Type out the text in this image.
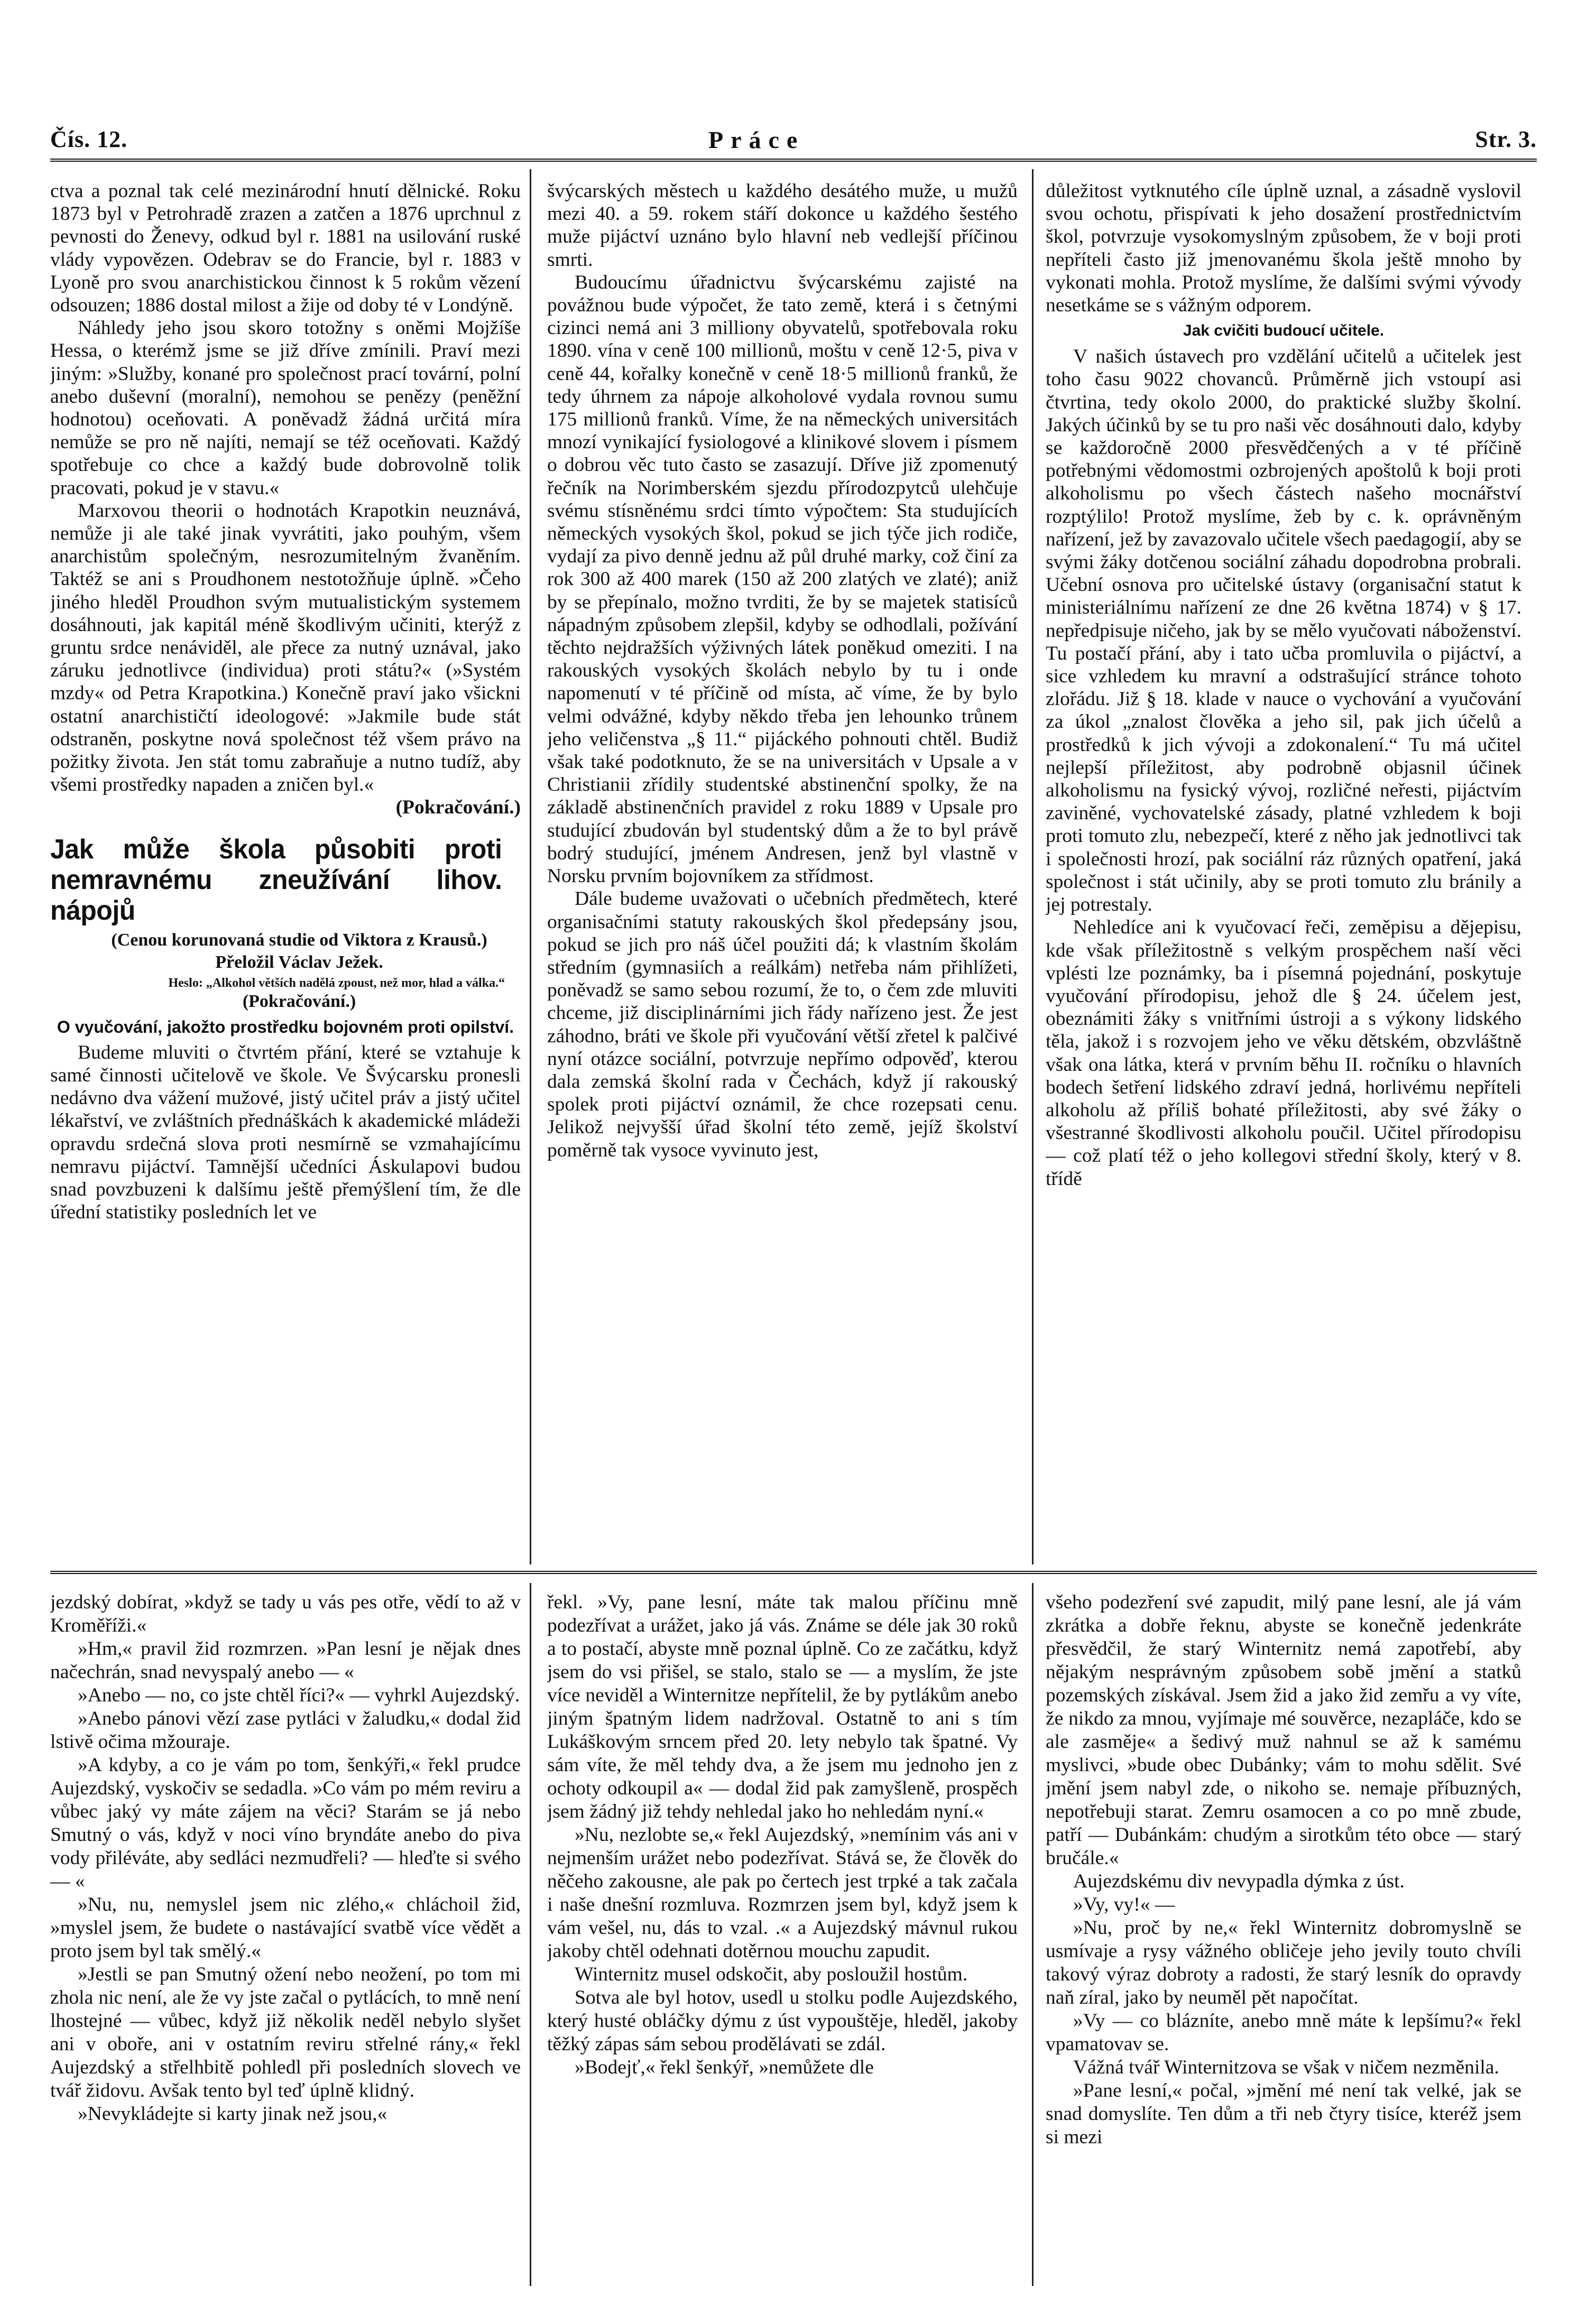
Čís. 12.	Práce	Str. 3.

ctva a poznal tak celé mezinárodní hnutí dělnické. Roku 1873 byl v Petrohradě zrazen a zatčen a 1876 uprchnul z pevnosti do Ženevy, odkud byl r. 1881 na usilování ruské vlády vypovězen. Odebrav se do Francie, byl r. 1883 v Lyoně pro svou anarchistickou činnost k 5 rokům vězení odsouzen; 1886 dostal milost a žije od doby té v Londýně.

Náhledy jeho jsou skoro totožny s oněmi Mojžíše Hessa, o kterémž jsme se již dříve zmínili. Praví mezi jiným: »Služby, konané pro společnost prací tovární, polní anebo duševní (moralní), nemohou se penězy (peněžní hodnotou) oceňovati. A poněvadž žádná určitá míra nemůže se pro ně najíti, nemají se též oceňovati. Každý spotřebuje co chce a každý bude dobrovolně tolik pracovati, pokud je v stavu.«

Marxovou theorii o hodnotách Krapotkin neuznává, nemůže ji ale také jinak vyvrátiti, jako pouhým, všem anarchistům společným, nesrozumitelným žvaněním. Taktéž se ani s Proudhonem nestotožňuje úplně. »Čeho jiného hleděl Proudhon svým mutualistickým systemem dosáhnouti, jak kapitál méně škodlivým učiniti, kterýž z gruntu srdce nenáviděl, ale přece za nutný uznával, jako záruku jednotlivce (individua) proti státu?« (»Systém mzdy« od Petra Krapotkina.) Konečně praví jako všickni ostatní anarchističtí ideologové: »Jakmile bude stát odstraněn, poskytne nová společnost též všem právo na požitky života. Jen stát tomu zabraňuje a nutno tudíž, aby všemi prostředky napaden a zničen byl.«

(Pokračování.)
Jak může škola působiti proti nemravnému zneužívání lihov. nápojů

(Cenou korunovaná studie od Viktora z Krausů.)

Přeložil Václav Ježek.

Heslo: „Alkohol větších nadělá zpoust, než mor, hlad a válka.“

(Pokračování.)

O vyučování, jakožto prostředku bojovném proti opilství.

Budeme mluviti o čtvrtém přání, které se vztahuje k samé činnosti učitelově ve škole. Ve Švýcarsku pronesli nedávno dva vážení mužové, jistý učitel práv a jistý učitel lékařství, ve zvláštních přednáškách k akademické mládeži opravdu srdečná slova proti nesmírně se vzmahajícímu nemravu pijáctví. Tamnější učedníci Áskulapovi budou snad povzbuzeni k dalšímu ještě přemýšlení tím, že dle úřední statistiky posledních let ve

švýcarských městech u každého desátého muže, u mužů mezi 40. a 59. rokem stáří dokonce u každého šestého muže pijáctví uznáno bylo hlavní neb vedlejší příčinou smrti.

Budoucímu úřadnictvu švýcarskému zajisté na povážnou bude výpočet, že tato země, která i s četnými cizinci nemá ani 3 milliony obyvatelů, spotřebovala roku 1890. vína v ceně 100 millionů, moštu v ceně 12·5, piva v ceně 44, kořalky konečně v ceně 18·5 millionů franků, že tedy úhrnem za nápoje alkoholové vydala rovnou sumu 175 millionů franků. Víme, že na německých universitách mnozí vynikající fysiologové a klinikové slovem i písmem o dobrou věc tuto často se zasazují. Dříve již zpomenutý řečník na Norimberském sjezdu přírodozpytců ulehčuje svému stísněnému srdci tímto výpočtem: Sta studujících německých vysokých škol, pokud se jich týče jich rodiče, vydají za pivo denně jednu až půl druhé marky, což činí za rok 300 až 400 marek (150 až 200 zlatých ve zlaté); aniž by se přepínalo, možno tvrditi, že by se majetek statisíců nápadným způsobem zlepšil, kdyby se odhodlali, požívání těchto nejdražších výživných látek poněkud omeziti. I na rakouských vysokých školách nebylo by tu i onde napomenutí v té příčině od místa, ač víme, že by bylo velmi odvážné, kdyby někdo třeba jen lehounko trůnem jeho veličenstva „§ 11.“ pijáckého pohnouti chtěl. Budiž však také podotknuto, že se na universitách v Upsale a v Christianii zřídily studentské abstinenční spolky, že na základě abstinenčních pravidel z roku 1889 v Upsale pro studující zbudován byl studentský dům a že to byl právě bodrý studující, jménem Andresen, jenž byl vlastně v Norsku prvním bojovníkem za střídmost.

Dále budeme uvažovati o učebních předmětech, které organisačními statuty rakouských škol předepsány jsou, pokud se jich pro náš účel použiti dá; k vlastním školám středním (gymnasiích a reálkám) netřeba nám přihlížeti, poněvadž se samo sebou rozumí, že to, o čem zde mluviti chceme, již disciplinárními jich řády nařízeno jest. Že jest záhodno, bráti ve škole při vyučování větší zřetel k palčivé nyní otázce sociální, potvrzuje nepřímo odpověď, kterou dala zemská školní rada v Čechách, když jí rakouský spolek proti pijáctví oznámil, že chce rozepsati cenu. Jelikož nejvyšší úřad školní této země, jejíž školství poměrně tak vysoce vyvinuto jest,

důležitost vytknutého cíle úplně uznal, a zásadně vyslovil svou ochotu, přispívati k jeho dosažení prostřednictvím škol, potvrzuje vysokomyslným způsobem, že v boji proti nepříteli často již jmenovanému škola ještě mnoho by vykonati mohla. Protož myslíme, že dalšími svými vývody nesetkáme se s vážným odporem.

Jak cvičiti budoucí učitele.

V našich ústavech pro vzdělání učitelů a učitelek jest toho času 9022 chovanců. Průměrně jich vstoupí asi čtvrtina, tedy okolo 2000, do praktické služby školní. Jakých účinků by se tu pro naši věc dosáhnouti dalo, kdyby se každoročně 2000 přesvědčených a v té příčině potřebnými vědomostmi ozbrojených apoštolů k boji proti alkoholismu po všech částech našeho mocnářství rozptýlilo! Protož myslíme, žeb by c. k. oprávněným nařízení, jež by zavazovalo učitele všech paedagogií, aby se svými žáky dotčenou sociální záhadu dopodrobna probrali. Učební osnova pro učitelské ústavy (organisační statut k ministeriálnímu nařízení ze dne 26 května 1874) v § 17. nepředpisuje ničeho, jak by se mělo vyučovati náboženství. Tu postačí přání, aby i tato učba promluvila o pijáctví, a sice vzhledem ku mravní a odstrašující stránce tohoto zlořádu. Již § 18. klade v nauce o vychování a vyučování za úkol „znalost člověka a jeho sil, pak jich účelů a prostředků k jich vývoji a zdokonalení.“ Tu má učitel nejlepší příležitost, aby podrobně objasnil účinek alkoholismu na fysický vývoj, rozličné neřesti, pijáctvím zaviněné, vychovatelské zásady, platné vzhledem k boji proti tomuto zlu, nebezpečí, které z něho jak jednotlivci tak i společnosti hrozí, pak sociální ráz různých opatření, jaká společnost i stát učinily, aby se proti tomuto zlu bránily a jej potrestaly.

Nehledíce ani k vyučovací řeči, zeměpisu a dějepisu, kde však příležitostně s velkým prospěchem naší věci vplésti lze poznámky, ba i písemná pojednání, poskytuje vyučování přírodopisu, jehož dle § 24. účelem jest, obeznámiti žáky s vnitřními ústroji a s výkony lidského těla, jakož i s rozvojem jeho ve věku dětském, obzvláštně však ona látka, která v prvním běhu II. ročníku o hlavních bodech šetření lidského zdraví jedná, horlivému nepříteli alkoholu až příliš bohaté příležitosti, aby své žáky o všestranné škodlivosti alkoholu poučil. Učitel přírodopisu — což platí též o jeho kollegovi střední školy, který v 8. třídě

jezdský dobírat, »když se tady u vás pes otře, vědí to až v Kroměříži.«

»Hm,« pravil žid rozmrzen. »Pan lesní je nějak dnes načechrán, snad nevyspalý anebo — «

»Anebo — no, co jste chtěl říci?« — vyhrkl Aujezdský.

»Anebo pánovi vězí zase pytláci v žaludku,« dodal žid lstivě očima mžouraje.

»A kdyby, a co je vám po tom, šenkýři,« řekl prudce Aujezdský, vyskočiv se sedadla. »Co vám po mém reviru a vůbec jaký vy máte zájem na věci? Starám se já nebo Smutný o vás, když v noci víno bryndáte anebo do piva vody přiléváte, aby sedláci nezmudřeli? — hleďte si svého — «

»Nu, nu, nemyslel jsem nic zlého,« chláchoil žid, »myslel jsem, že budete o nastávající svatbě více vědět a proto jsem byl tak smělý.«

»Jestli se pan Smutný ožení nebo neožení, po tom mi zhola nic není, ale že vy jste začal o pytlácích, to mně není lhostejné — vůbec, když již několik neděl nebylo slyšet ani v oboře, ani v ostatním reviru střelné rány,« řekl Aujezdský a střelhbitě pohledl při posledních slovech ve tvář židovu. Avšak tento byl teď úplně klidný.

»Nevykládejte si karty jinak než jsou,«

řekl. »Vy, pane lesní, máte tak malou příčinu mně podezřívat a urážet, jako já vás. Známe se déle jak 30 roků a to postačí, abyste mně poznal úplně. Co ze začátku, když jsem do vsi přišel, se stalo, stalo se — a myslím, že jste více neviděl a Winternitze nepřítelil, že by pytlákům anebo jiným špatným lidem nadržoval. Ostatně to ani s tím Lukáškovým srncem před 20. lety nebylo tak špatné. Vy sám víte, že měl tehdy dva, a že jsem mu jednoho jen z ochoty odkoupil a« — dodal žid pak zamyšleně, prospěch jsem žádný již tehdy nehledal jako ho nehledám nyní.«

»Nu, nezlobte se,« řekl Aujezdský, »nemínim vás ani v nejmenším urážet nebo podezřívat. Stává se, že člověk do něčeho zakousne, ale pak po čertech jest trpké a tak začala i naše dnešní rozmluva. Rozmrzen jsem byl, když jsem k vám vešel, nu, dás to vzal. .« a Aujezdský mávnul rukou jakoby chtěl odehnati dotěrnou mouchu zapudit.

Winternitz musel odskočit, aby posloužil hostům.

Sotva ale byl hotov, usedl u stolku podle Aujezdského, který husté obláčky dýmu z úst vypouštěje, hleděl, jakoby těžký zápas sám sebou prodělávati se zdál.

»Bodejť,« řekl šenkýř, »nemůžete dle

všeho podezření své zapudit, milý pane lesní, ale já vám zkrátka a dobře řeknu, abyste se konečně jedenkráte přesvědčil, že starý Winternitz nemá zapotřebí, aby nějakým nesprávným způsobem sobě jmění a statků pozemských získával. Jsem žid a jako žid zemřu a vy víte, že nikdo za mnou, vyjímaje mé souvěrce, nezapláče, kdo se ale zasměje« a šedivý muž nahnul se až k samému myslivci, »bude obec Dubánky; vám to mohu sdělit. Své jmění jsem nabyl zde, o nikoho se. nemaje příbuzných, nepotřebuji starat. Zemru osamocen a co po mně zbude, patří — Dubánkám: chudým a sirotkům této obce — starý bručále.«

Aujezdskému div nevypadla dýmka z úst.

»Vy, vy!« —

»Nu, proč by ne,« řekl Winternitz dobromyslně se usmívaje a rysy vážného obličeje jeho jevily touto chvíli takový výraz dobroty a radosti, že starý lesník do opravdy naň zíral, jako by neuměl pět napočítat.

»Vy — co blázníte, anebo mně máte k lepšímu?« řekl vpamatovav se.

Vážná tvář Winternitzova se však v ničem nezměnila.

»Pane lesní,« počal, »jmění mé není tak velké, jak se snad domyslíte. Ten dům a tři neb čtyry tisíce, kteréž jsem si mezi
